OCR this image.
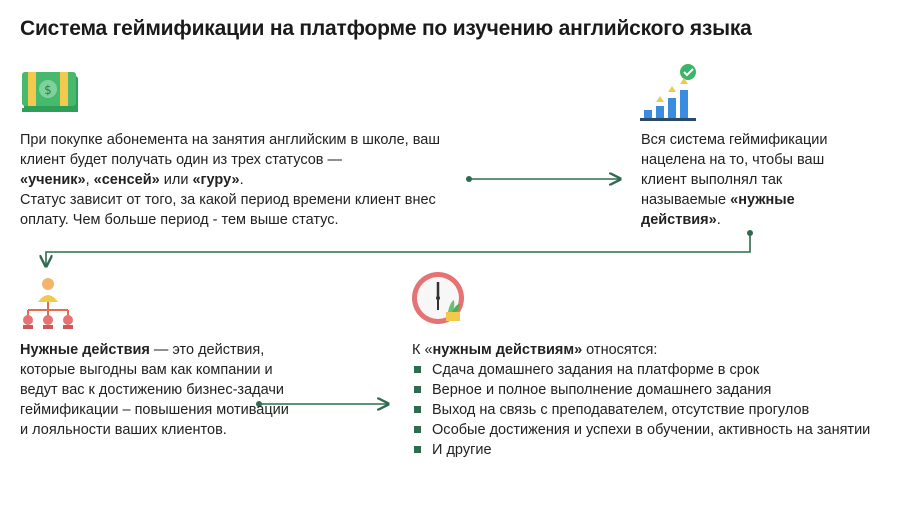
Система геймификации на платформе по изучению английского языка
$
При покупке абонемента на занятия английским в школе, ваш клиент будет получать один из трех статусов —
«ученик», «сенсей» или «гуру».
Статус зависит от того, за какой период времени клиент внес оплату. Чем больше период - тем выше статус.
Вся система геймификации нацелена на то, чтобы ваш клиент выполнял так называемые «нужные действия».
Нужные действия — это действия, которые выгодны вам как компании и ведут вас к достижению бизнес-задачи геймификации – повышения мотивации и лояльности ваших клиентов.
К «нужным действиям» относятся:
Сдача домашнего задания на платформе в срок
Верное и полное выполнение домашнего задания
Выход на связь с преподавателем, отсутствие прогулов
Особые достижения и успехи в обучении, активность на занятии
И другие
